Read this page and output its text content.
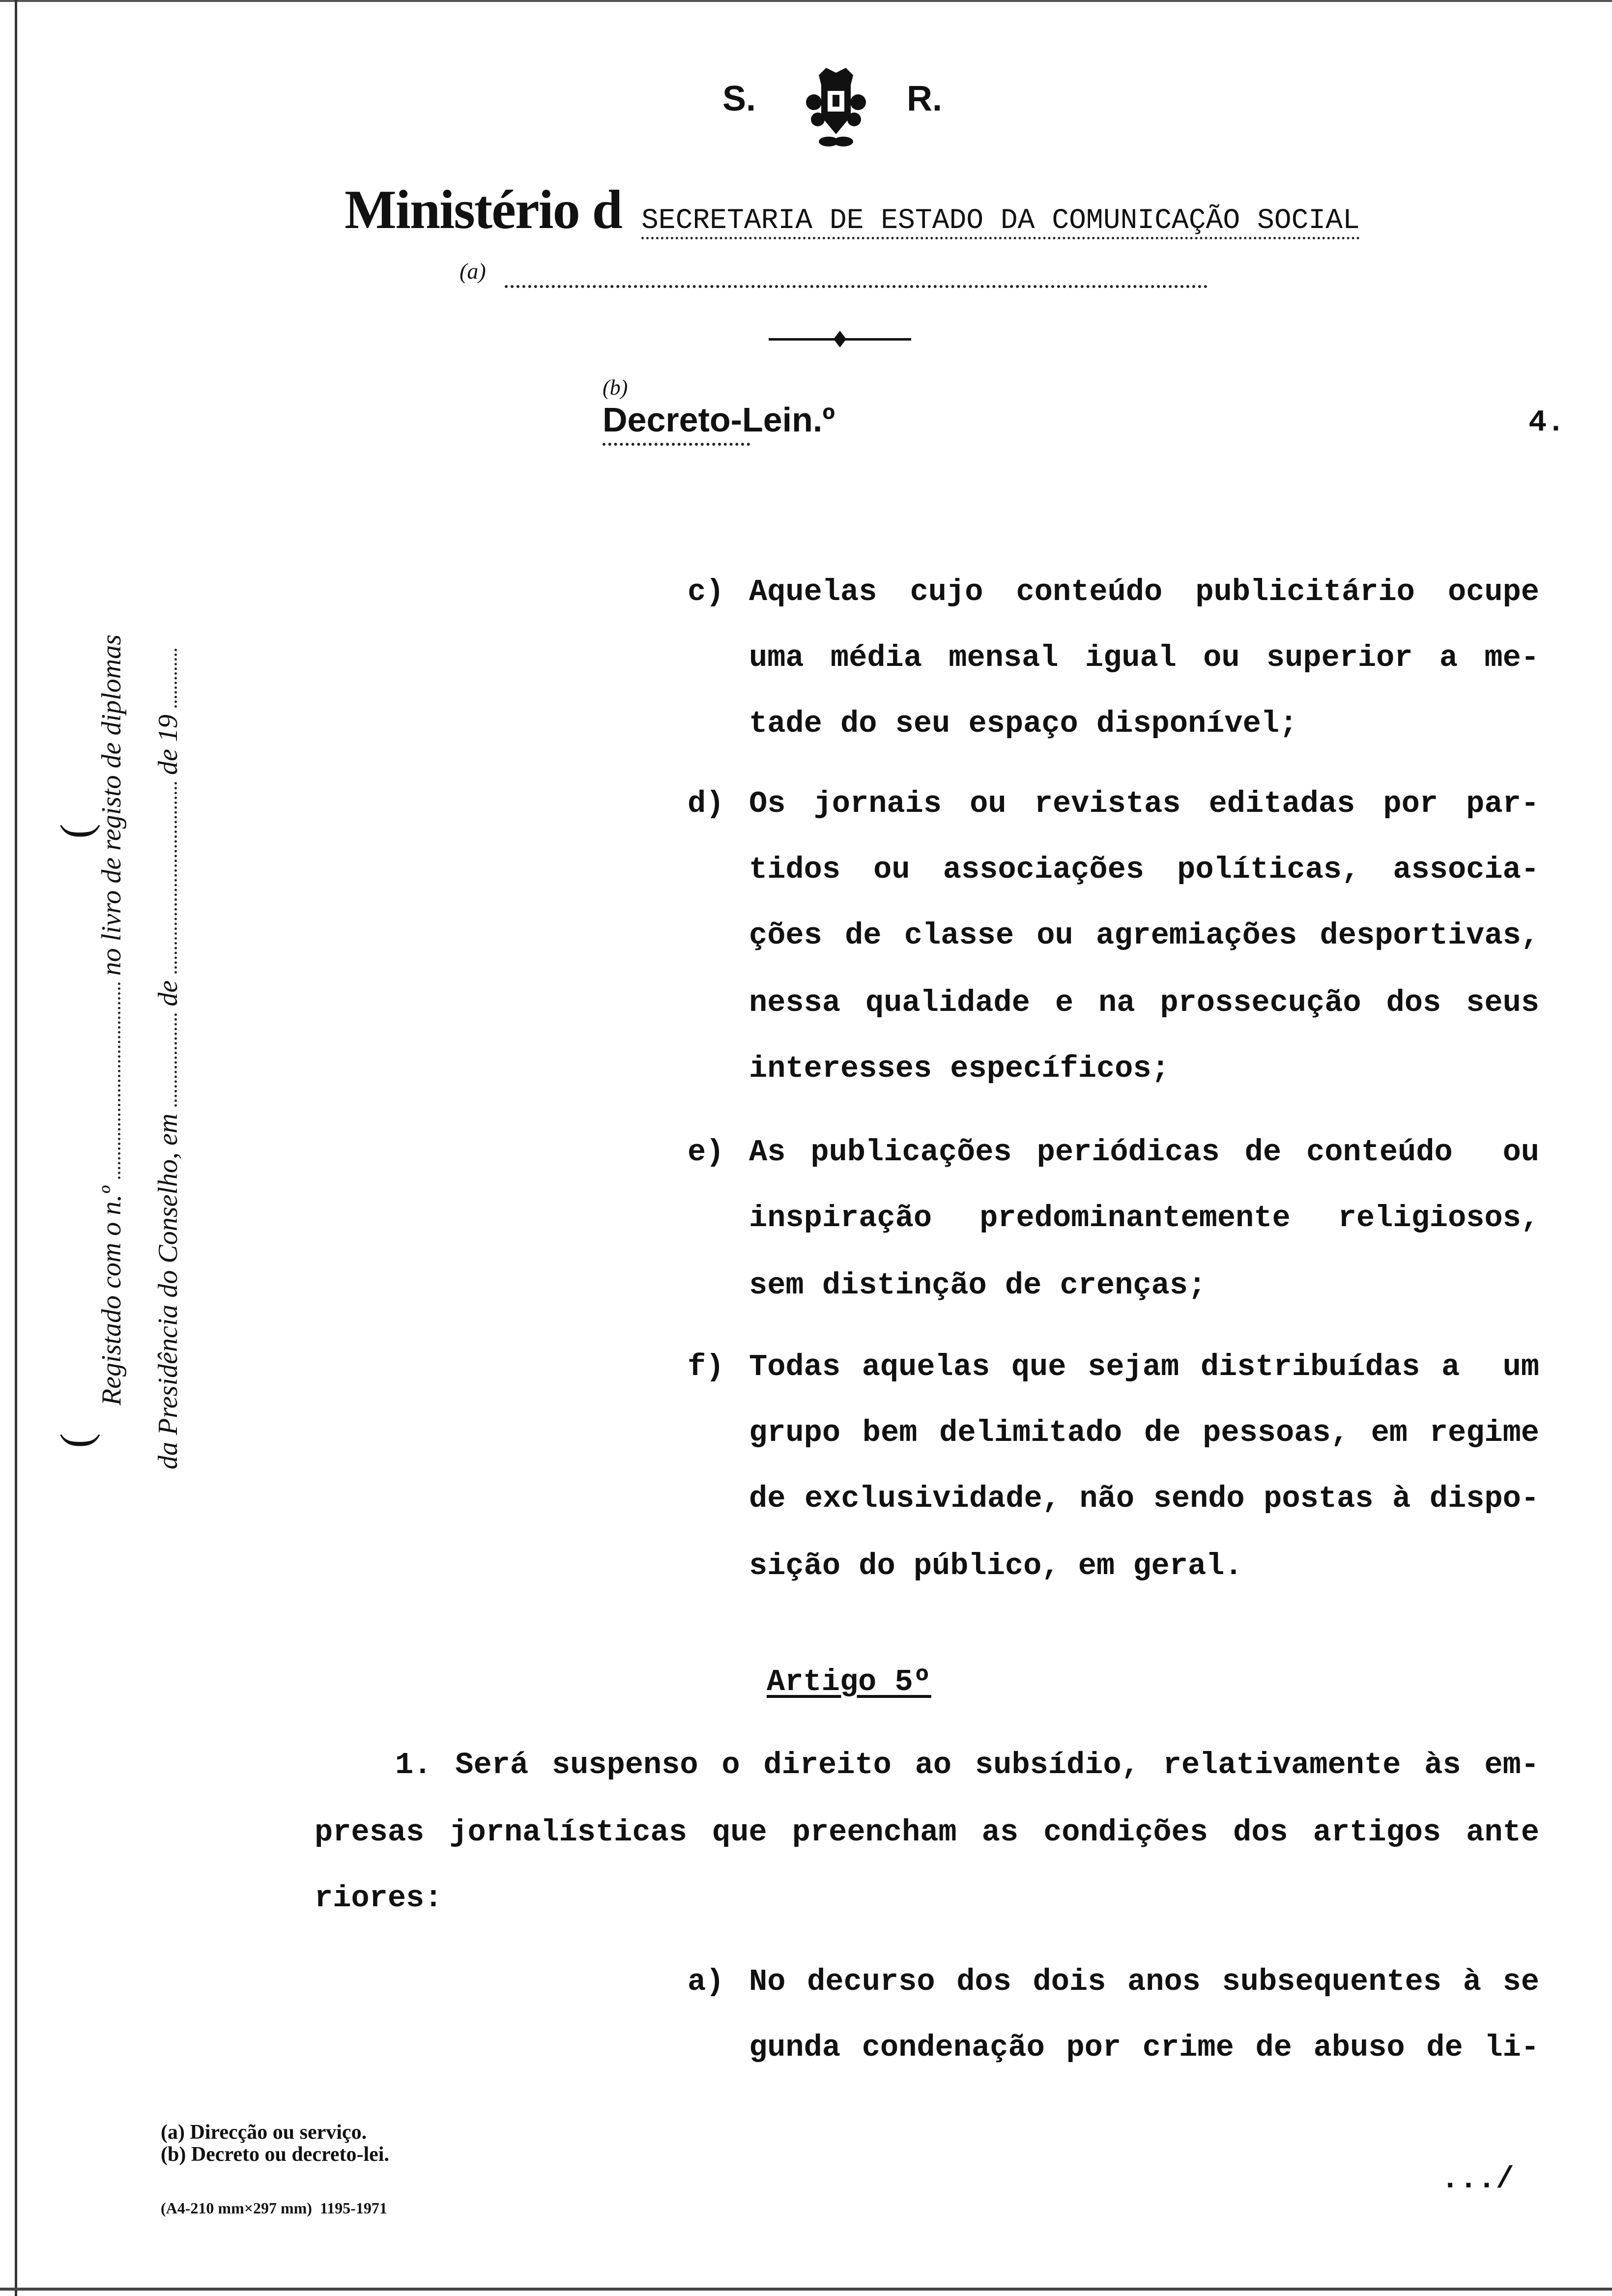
S.

	R.

Ministério d SECRETARIA DE ESTADO DA COMUNICAÇÃO SOCIAL

(a)

(b)
Decreto-Lein.º

	4.
Registado com o n.º  no livro de registo de diplomas
da Presidência do Conselho, em  de  de 19
(
(
c) Aquelas cujo conteúdo publicitário ocupe
uma média mensal igual ou superior a me-
tade do seu espaço disponível;
d) Os jornais ou revistas editadas por par-
tidos ou associações políticas, associa-
ções de classe ou agremiações desportivas,
nessa qualidade e na prossecução dos seus
interesses específicos;
e) As publicações periódicas de conteúdo  ou
inspiração predominantemente religiosos,
sem distinção de crenças;
f) Todas aquelas que sejam distribuídas a  um
grupo bem delimitado de pessoas, em regime
de exclusividade, não sendo postas à dispo-
sição do público, em geral.
Artigo 5º
1. Será suspenso o direito ao subsídio, relativamente às em-
presas jornalísticas que preencham as condições dos artigos ante
riores:
a) No decurso dos dois anos subsequentes à se
gunda condenação por crime de abuso de li-
(a) Direcção ou serviço.
(b) Decreto ou decreto-lei.
(A4-210 mm×297 mm)  1195-1971
.../
